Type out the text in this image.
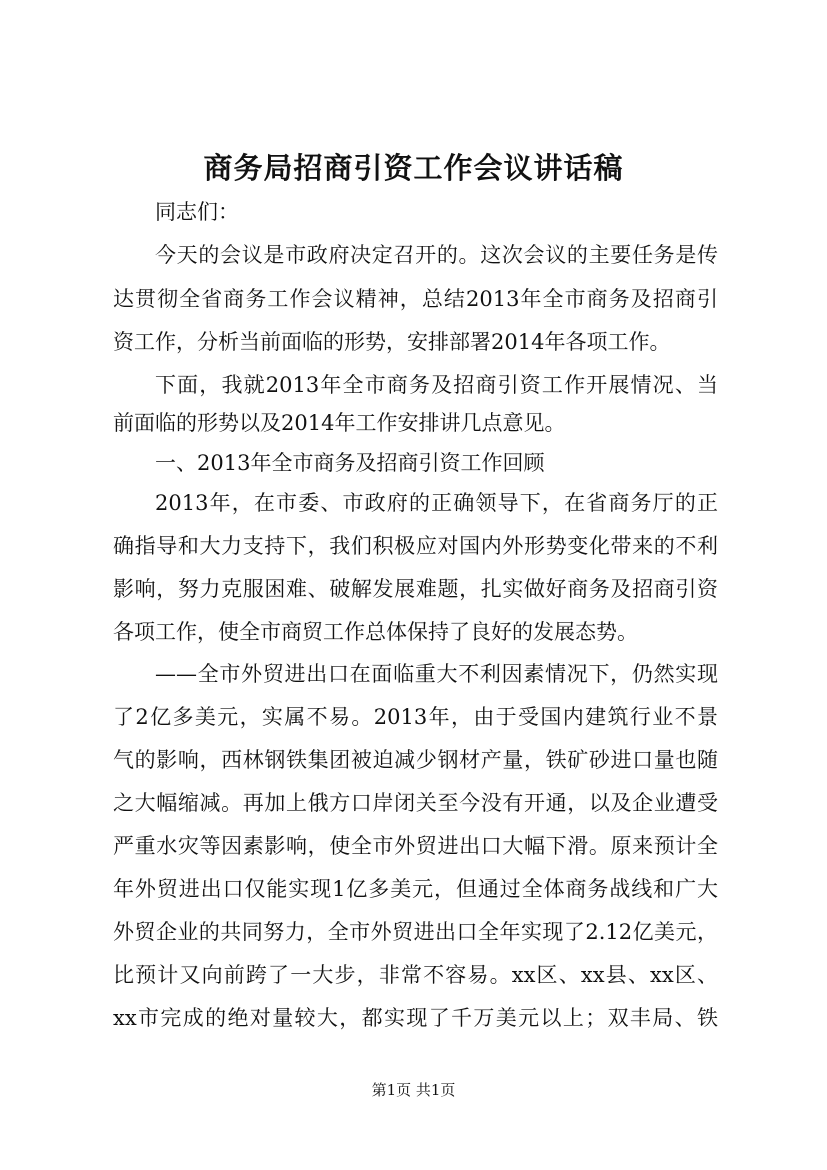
商务局招商引资工作会议讲话稿
同志们：
今天的会议是市政府决定召开的。这次会议的主要任务是传
达贯彻全省商务工作会议精神，总结2013年全市商务及招商引
资工作，分析当前面临的形势，安排部署2014年各项工作。
下面，我就2013年全市商务及招商引资工作开展情况、当
前面临的形势以及2014年工作安排讲几点意见。
一、2013年全市商务及招商引资工作回顾
2013年，在市委、市政府的正确领导下，在省商务厅的正
确指导和大力支持下，我们积极应对国内外形势变化带来的不利
影响，努力克服困难、破解发展难题，扎实做好商务及招商引资
各项工作，使全市商贸工作总体保持了良好的发展态势。
——全市外贸进出口在面临重大不利因素情况下，仍然实现
了2亿多美元，实属不易。2013年，由于受国内建筑行业不景
气的影响，西林钢铁集团被迫减少钢材产量，铁矿砂进口量也随
之大幅缩减。再加上俄方口岸闭关至今没有开通，以及企业遭受
严重水灾等因素影响，使全市外贸进出口大幅下滑。原来预计全
年外贸进出口仅能实现1亿多美元，但通过全体商务战线和广大
外贸企业的共同努力，全市外贸进出口全年实现了2.12亿美元，
比预计又向前跨了一大步，非常不容易。xx区、xx县、xx区、
xx市完成的绝对量较大，都实现了千万美元以上；双丰局、铁
第1页 共1页
